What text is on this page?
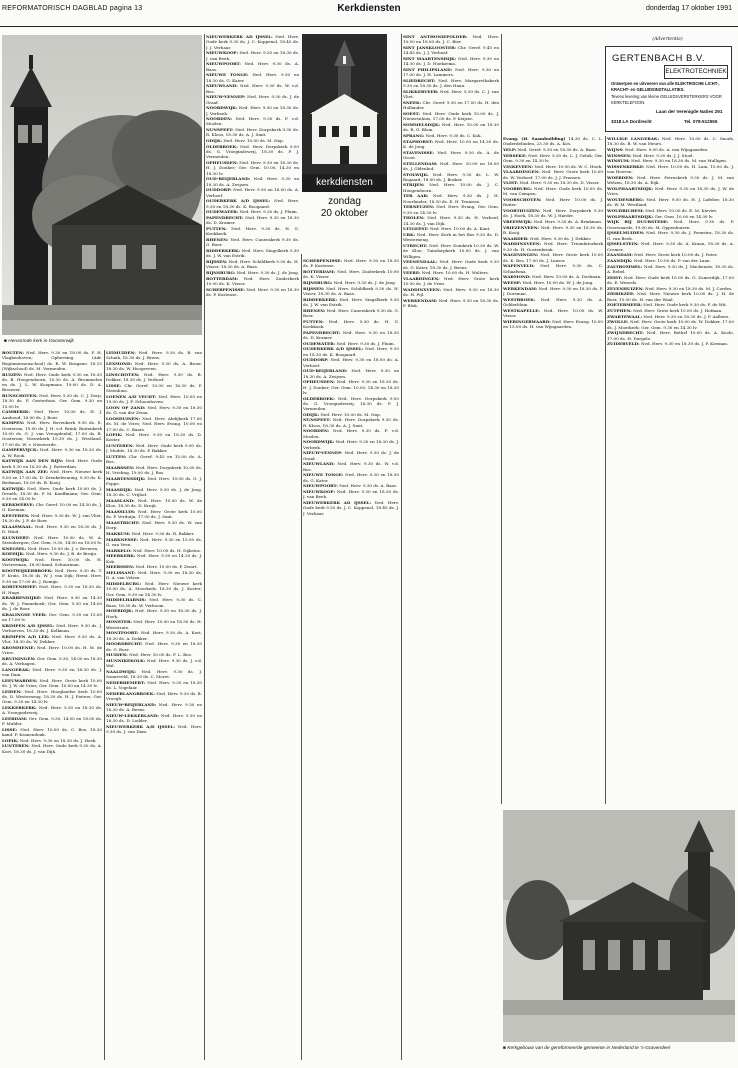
REFORMATORISCH DAGBLAD pagina 13	Kerkdiensten	donderdag 17 oktober 1991
■ Hervormde kerk in Ooosterwijk
kerkdiensten
zondag
20 oktober
(Advertentie)
GERTENBACH B.V.
ELEKTROTECHNIEK
Ontwerpen en uitvoeren van alle ELEKTRISCHE LICHT-,
KRACHT- en GELUIDSINSTALLATIES.
Tevens levering van kleine GELUIDSVERSTERKERS VOOR
KERKTELEFOON.
Laan der Verenigde Naties 291
3318 LA Dordrecht	Tel. 078-512555

BOUTEN: Ned. Herv. 9.30 en 18.00 ds. F. H. Vlagkenhoven; Opheesing (Adr. Beginmensenschool) ds. R. W. Bosgane. 18.15 (Wijkschool) ds. M. Vermeulen.

BUIZEN: Ned. Herv. Oude kerk 9.30 en 18.30 ds. B. Hoogendoorn, 10.30 ds. A. Brommelen en ds. J. L. W. Koopmans, 19.00 ds. D. A. Brouwer.

BUNSCHOTEN: Ned. Herv. 9.30 ds. C. J. Dorp, 18.30 ds. F. Oosterhuis. Ger. Gem. 9.30 en 15.00 lv.

CAMBERIK: Ned. Herv. 10.00 ds. H. J. Aanhoud, 18.00 ds. J. Bout.

KAMPEN: Ned. Herv. Bovenkerk 9.00 ds. E. Oosterom, 19.00 ds. J. H. v.d. Brink; Buitenkerk 10.00 ds. G. J. van Vreugdenhil, 17.00 ds. B. Oosterom; Nieuwkerk 19.30 ds. J. Westland, 17.00 ds. W. v. Nieuwerde.

GAMPERVIJCK: Ned. Herv. 9.30 en 18.30 ds. A. W. Rook.

KATWIJK AAN DEN RIJN: Ned. Herv. Oude kerk 9.30 en 16.30 ds. J. Rotterdam.

KATWIJK AAN ZEE: Ned. Herv. Nieuwe kerk 9.00 en 17.00 ds. D. Drenkelwoning, 9.30 ds. K. Berkman, 18.00 ds. B. Kooij.

KATWIJK: Ned. Herv. Oude kerk 10.00 ds. J. Drenth, 18.30 ds. P. M. Kauffmann; Ger. Gem. 9.30 en 14.00 lv.

KERKWERVE: Chr. Geref. 10.00 en 14.30 ds. J. G. Koeman.

KESTEREN: Ned. Herv. 9.30 ds. W. J. van Vliet, 18.30 ds. J. P. de Boer.

KLAASWAAL: Ned. Herv. 9.30 en 18.30 ds. J. D. Wind.

KLUNDERT: Ned. Herv. 10.00 ds. W. A. Steenbergen; Ger. Gem. 9.30, 14.00 en 18.00 lv.

KNEGSEL: Ned. Herv. 10.00 ds. J. v. Beveren.

KOEDIJK: Ned. Herv. 9.30 ds. J. B. de Bruijn.

KOOTWIJK: Ned. Herv. 10.00 ds. H. Vertreeman, 18.00 kand. Schuurman.

KOOTWIJKERBROEK: Ned. Herv. 9.30 ds. T. F. Kruis, 18.30 ds. W. J. van Dijk; Herst. Herv. 9.30 en 17.00 ds. J. Romijn.

KORTENHOEF: Ned. Herv. 9.30 en 18.30 ds. H. Hage.

KRABBENDIJKE: Ned. Herv. 9.30 en 14.30 ds. W. J. Pannekoek; Ger. Gem. 9.30 en 14.00 ds. J. de Boer.

KRALINGSE VEER: Ger. Gem. 9.30 en 15.00 en 17.00 lv.

KRIMPEN A/D IJSSEL: Ned. Herv. 9.30 ds. J. Verhoeven, 18.30 ds. J. Kolkman.

KRIMPEN A/D LEK: Ned. Herv. 9.30 ds. A. Vlot, 18.30 ds. W. Dekker.

KROMMENIE: Ned. Herv. 10.00 ds. H. M. de Vries.

KRUININGEN: Ger. Gem. 9.30, 14.00 en 18.30 ds. A. Verhagen.

LANGERAK: Ned. Herv. 9.30 en 18.30 ds. J. van Dam.

LEEUWARDEN: Ned. Herv. Grote kerk 10.00 ds. J. W. de Vries; Ger. Gem. 10.00 en 14.30 lv.

LEIDEN: Ned. Herv. Hooglandse kerk 10.00 ds. D. Westerneng, 18.30 ds. H. J. Pieters; Ger. Gem. 9.30 en 14.30 lv.

LEKKERKERK: Ned. Herv. 9.30 en 18.30 ds. A. Vroegindeweij.

LEERDAM: Ger. Gem. 9.30, 14.00 en 18.00 ds. P. Mulder.

LISSE: Ned. Herv. 10.00 ds. C. Bos, 18.30 kand. P. Kranendonk.

LOPIK: Ned. Herv. 9.30 en 18.30 ds. J. Hoek.

LUNTEREN: Ned. Herv. Oude kerk 9.30 ds. A. Kort, 18.30 ds. J. van Dijk.

LEIMUIDEN: Ned. Herv. 9.30 ds. B. van Schaik, 18.30 ds. J. Brons.

LEXMOND: Ned. Herv. 9.30 ds. A. Broer, 18.30 ds. W. Hoogeveen.

LINSCHOTEN: Ned. Herv. 9.30 ds. B. Dekker, 18.30 ds. J. Verhoef.

LISSE: Chr. Geref. 10.00 en 16.30 ds. P. Steenhuis.

LOENEN A/D VECHT: Ned. Herv. 10.00 en 19.00 ds. J. F. Schoonhoven.

LOON OP ZAND: Ned. Herv. 9.30 en 18.30 ds. G. van der Zwan.

LOOSDUINEN: Ned. Herv. Abdijkerk 17.00 ds. M. de Vries; Ned. Herv. Evang. 10.00 en 17.00 ds. C. Baars.

LOPIK: Ned. Herv. 9.30 en 18.30 ds. D. Koster.

LUNTEREN: Ned. Herv. Oude kerk 9.00 ds. J. Mudde, 18.30 ds. P. Bakker.

LUTTEN: Chr. Geref. 9.45 en 15.00 ds. A. Bos.

MAARSSEN: Ned. Herv. Dorpskerk 10.00 ds. H. Vrieling, 19.00 ds. J. Bos.

MAARTENSDIJK: Ned. Herv. 10.00 ds. G. J. Poppe.

MAASDIJK: Ned. Herv. 9.30 ds. J. de Jong, 18.30 ds. C. Vrijhof.

MAASLAND: Ned. Herv. 10.00 ds. W. de Kloe, 18.30 ds. D. Kruijt.

MAASSLUIS: Ned. Herv. Grote kerk 10.00 ds. P. Verduijn, 17.00 ds. J. Smit.

MAASTRICHT: Ned. Herv. 9.30 ds. W. van Dorp.

MAKKUM: Ned. Herv. 9.30 ds. R. Bakker.

MARKNESSE: Ned. Herv. 9.30 en 15.00 ds. G. van Veen.

MARKELO: Ned. Herv. 10.00 ds. H. Dijkstra.

MEERKERK: Ned. Herv. 9.30 en 14.30 ds. J. Kok.

MEERSSEN: Ned. Herv. 10.00 ds. P. Zwart.

MELISSANT: Ned. Herv. 9.30 en 18.30 ds. D. A. van Velzen.

MIDDELBURG: Ned. Herv. Nieuwe kerk 10.00 ds. A. Moerkerk, 18.30 ds. J. Koster; Ger. Gem. 9.30 en 14.30 lv.

MIDDELHARNIS: Ned. Herv. 9.30 ds. C. Baas, 18.30 ds. W. Verboom.

MOERDIJK: Ned. Herv. 9.30 en 18.30 ds. J. Hoek.

MONSTER: Ned. Herv. 10.00 en 18.30 ds. H. Weststrate.

MONTFOORT: Ned. Herv. 9.30 ds. A. Kort, 18.30 ds. A. Dekker.

MOORDRECHT: Ned. Herv. 9.30 en 18.30 ds. G. Boer.

MUIDEN: Ned. Herv. 10.00 ds. F. L. Bos.

MUNNIKEKOLK: Ned. Herv. 9.30 ds. J. v.d. Wal.

NAALDWIJK: Ned. Herv. 9.30 ds. J. Sonneveld, 18.30 ds. C. Moret.

NEDERHEMERT: Ned. Herv. 9.30 en 18.30 ds. L. Vogelaar.

NEDERLANGBROEK: Ned. Herv. 9.30 ds. B. Vroegh.

NIEUW-BEIJERLAND: Ned. Herv. 9.30 en 18.30 ds. A. Beens.

NIEUW-LEKKERLAND: Ned. Herv. 9.30 en 18.30 ds. D. Lodder.

NIEUWERKERK A/D IJSSEL: Ned. Herv. 9.30 ds. J. van Dam.

NIEUWERKERK AD IJSSEL: Ned. Herv. Oude kerk 9.30 ds. J. C. Koppenol, 18.45 ds. J. J. Verhaar.

NIEUWKOOP: Ned. Herv. 9.30 en 18.30 ds. J. van Beek.

NIEUWPOORT: Ned. Herv. 9.30 ds. A. Baas.

NIEUWE TONGE: Ned. Herv. 9.30 en 18.30 ds. G. Kater.

NIEUWLAND: Ned. Herv. 9.30 ds. W. v.d. Bos.

NIEUW-VENNEP: Ned. Herv. 9.30 ds. J. de Graaf.

NOORDWIJK: Ned. Herv. 9.30 en 18.30 ds. J. Verbeek.

NOORDEN: Ned. Herv. 9.30 ds. F. v.d. Moolen.

NUNSPEET: Ned. Herv. Dorpskerk 9.30 ds. R. Kloos, 18.30 ds. A. J. Smit.

ODIJK: Ned. Herv. 10.00 ds. M. Nap.

OLDEBROEK: Ned. Herv. Dorpskerk 9.00 ds. G. Vroegindeweij, 18.30 ds. P. J. Vermeulen.

OPHEUSDEN: Ned. Herv. 9.30 en 18.30 ds. H. J. Donker; Ger. Gem. 10.00, 14.30 en 18.30 lv.

OUD-BEIJERLAND: Ned. Herv. 9.30 en 18.30 ds. A. Zwijsen.

OUDDORP: Ned. Herv. 9.30 en 18.00 ds. A. Verhoef.

OUDERKERK A/D IJSSEL: Ned. Herv. 9.30 en 18.30 ds. K. Boogaard.

OUDEWATER: Ned. Herv. 9.30 ds. J. Pluim.

PAPENDRECHT: Ned. Herv. 9.30 en 18.30 ds. D. Kramer.

PUTTEN: Ned. Herv. 9.30 ds. H. G. Koekkoek.

RHENEN: Ned. Herv. Cunerakerk 9.30 ds. G. Boer.

RIDDERKERK: Ned. Herv. Singelkerk 9.30 ds. J. W. van Estrik.

RIJSSEN: Ned. Herv. Schildkerk 9.30 ds. H. Visser, 18.30 ds. A. Baas.

RIJNSBURG: Ned. Herv. 9.30 ds. J. de Jong.

ROTTERDAM: Ned. Herv. Zuiderkerk 10.00 ds. K. Visser.

SCHERPENISSE: Ned. Herv. 9.30 en 18.30 ds. P. Kostense.

SCHERPENISSE: Ned. Herv. 9.30 en 18.30 ds. P. Kostense.

ROTTERDAM: Ned. Herv. Zuiderkerk 10.00 ds. K. Visser.

RIJNSBURG: Ned. Herv. 9.30 ds. J. de Jong.

RIJSSEN: Ned. Herv. Schildkerk 9.30 ds. H. Visser, 18.30 ds. A. Baas.

RIDDERKERK: Ned. Herv. Singelkerk 9.30 ds. J. W. van Estrik.

RHENEN: Ned. Herv. Cunerakerk 9.30 ds. G. Boer.

PUTTEN: Ned. Herv. 9.30 ds. H. G. Koekkoek.

PAPENDRECHT: Ned. Herv. 9.30 en 18.30 ds. D. Kramer.

OUDEWATER: Ned. Herv. 9.30 ds. J. Pluim.

OUDERKERK A/D IJSSEL: Ned. Herv. 9.30 en 18.30 ds. K. Boogaard.

OUDDORP: Ned. Herv. 9.30 en 18.00 ds. A. Verhoef.

OUD-BEIJERLAND: Ned. Herv. 9.30 en 18.30 ds. A. Zwijsen.

OPHEUSDEN: Ned. Herv. 9.30 en 18.30 ds. H. J. Donker; Ger. Gem. 10.00, 14.30 en 18.30 lv.

OLDEBROEK: Ned. Herv. Dorpskerk 9.00 ds. G. Vroegindeweij, 18.30 ds. P. J. Vermeulen.

ODIJK: Ned. Herv. 10.00 ds. M. Nap.

NUNSPEET: Ned. Herv. Dorpskerk 9.30 ds. R. Kloos, 18.30 ds. A. J. Smit.

NOORDEN: Ned. Herv. 9.30 ds. F. v.d. Moolen.

NOORDWIJK: Ned. Herv. 9.30 en 18.30 ds. J. Verbeek.

NIEUW-VENNEP: Ned. Herv. 9.30 ds. J. de Graaf.

NIEUWLAND: Ned. Herv. 9.30 ds. W. v.d. Bos.

NIEUWE TONGE: Ned. Herv. 9.30 en 18.30 ds. G. Kater.

NIEUWPOORT: Ned. Herv. 9.30 ds. A. Baas.

NIEUWKOOP: Ned. Herv. 9.30 en 18.30 ds. J. van Beek.

NIEUWERKERK AD IJSSEL: Ned. Herv. Oude kerk 9.30 ds. J. C. Koppenol, 18.45 ds. J. J. Verhaar.

SINT ANTHONIEPOLDER: Ned. Herv. 10.00 en 18.00 ds. J. C. Bier.

SINT JANSKLOOSTER: Chr. Geref. 9.45 en 14.45 ds. J. J. Verhoef.

SINT MAARTENSDIJK: Ned. Herv. 9.30 en 14.30 ds. J. D. Hoekzema.

SINT PHILIPSLAND: Ned. Herv. 9.30 en 17.00 ds. J. H. Lammers.

SLIEDRECHT: Ned. Herv. Margarethakerk 9.30 en 18.30 ds. J. den Haan.

SLIKKERVEER: Ned. Herv. 9.30 ds. C. J. van Vliet.

SNEEK: Chr. Geref. 9.30 en 17.00 ds. H. den Hollander.

SOEST: Ned. Herv. Oude kerk 10.00 ds. J. Nieuwenhuis, 17.00 ds. P. Keijzer.

SOMMELSDIJK: Ned. Herv. 10.00 en 18.30 ds. R. G. Blom.

SPRANG: Ned. Herv. 9.30 ds. C. Kok.

STAPHORST: Ned. Herv. 10.00 en 14.30 ds. K. de Jong.

STAVENISSE: Ned. Herv. 9.30 ds. A. de Groot.

STELLENDAM: Ned. Herv. 10.00 en 18.00 ds. J. Oldenhof.

STOLWIJK: Ned. Herv. 9.30 ds. L. W. Bogaard, 18.00 ds. J. Bosker.

STRIJEN: Ned. Herv. 10.00 ds. J. C. Hoogendoorn.

TER AAR: Ned. Herv. 9.30 ds. J. H. Noorlander, 18.30 ds. E. H. Teunisse.

TERNEUZEN: Ned. Herv. Evang. Ger. Gem. 9.30 en 14.30 lv.

THOLEN: Ned. Herv. 9.30 ds. H. Verhoef, 14.30 ds. J. van Dijk.

UITGEEST: Ned. Herv. 10.00 ds. A. Kant.

URK: Ned. Herv. Kerk in het Bos 9.30 ds. D. Westerneng.

UTRECHT: Ned. Herv. Domkerk 10.30 ds. W. de Kloe; Tuindorpkerk 10.00 ds. J. van Willigen.

VEENENDAAL: Ned. Herv. Oude kerk 9.30 ds. G. Kater, 18.30 ds. J. Beens.

VEERE: Ned. Herv. 10.00 ds. H. Wolters.

VLAARDINGEN: Ned. Herv. Grote kerk 10.00 ds. J. de Vries.

WADDINXVEEN: Ned. Herv. 9.30 en 18.30 ds. H. Pijl.

WERKENDAM: Ned. Herv. 9.30 en 18.30 ds. P. Blok.

Evang. (H. Saambuilding) 14.30 ds. C. L. Onderdelinden, 23.30 ds. A. Kos.

YELP: Ned. Geref. 9.30 en 18.30 ds. A. Baas.

YERSEKE: Ned. Herv. 9.30 ds. L. J. Geluk; Ger. Gem. 9.30 en 14.30 lv.

VINKEVEEN: Ned. Herv. 10.00 ds. W. C. Hoek.

VLAARDINGEN: Ned. Herv. Grote kerk 10.00 ds. W. Verhoef, 17.00 ds. J. J. Fransen.

VLIST: Ned. Herv. 9.30 en 18.30 ds. D. Visser.

VOORBURG: Ned. Herv. Oude kerk 10.00 ds. M. van Campen.

VOORSCHOTEN: Ned. Herv. 10.00 ds. J. Ruiter.

VOORTHUIZEN: Ned. Herv. Dorpskerk 9.30 ds. J. Hoek, 18.30 ds. W. J. Harder.

VREESWIJK: Ned. Herv. 9.30 ds. A. Brinkman.

VRIEZENVEEN: Ned. Herv. 9.30 en 18.30 ds. B. Kooij.

WAARDER: Ned. Herv. 9.30 ds. J. Dekker.

WADDINXVEEN: Ned. Herv. Triumfatorkerk 9.30 ds. H. Oostenbrink.

WAGENINGEN: Ned. Herv. Grote kerk 10.00 ds. K. Bos, 17.00 ds. J. Lanser.

WAPENVELD: Ned. Herv. 9.30 ds. C. Schaafsma.

WARMOND: Ned. Herv. 10.00 ds. A. Doelman.

WEESP: Ned. Herv. 10.00 ds. W. J. de Jong.

WERKENDAM: Ned. Herv. 9.30 en 18.30 ds. P. J. Dorsman.

WESTBROEK: Ned. Herv. 9.30 ds. A. Gelderblom.

WESTKAPELLE: Ned. Herv. 10.00 ds. W. Visser.

WIERINGERWAARD: Ned. Herv. Evang. 10.00 en 15.00 ds. H. van Wijngaarden.

WILLIGE LANGERAK: Ned. Herv. 10.00 ds. C. Snoek, 18.30 ds. B. W. van Meurs.

WIJNS: Ned. Herv. 9.00 ds. A. van Wijngaarden.

WINSSEN: Ned. Herv. 9.30 ds. J. J. Stoel.

WINSUM: Ned. Herv. 9.30 en 18.30 ds. M. van Mulligen.

WISSENKERKE: Ned. Herv. 10.00 ds. H. Lam, 15.00 ds. J. van Hoeven.

WOERDEN: Ned. Herv. Petruskerk 9.30 ds. J. M. van Welzen, 18.30 ds. A. Eijk.

WOLPHAARTSDIJK: Ned. Herv. 9.30 en 18.30 ds. J. W. de Vries.

WOUDENBERG: Ned. Herv. 9.00 ds. H. J. Lafeber, 18.30 ds. W. M. Westland.

WOUDRICHEM: Ned. Herv. 10.00 ds. E. M. Kieviet.

WOLPHAARTSDIJK: Ger. Gem. 10.00 en 14.30 lv.

WIJK BIJ DUURSTEDE: Ned. Herv. 9.30 ds. P. Ossewaarde, 19.00 ds. M. Oppenhuizen.

IJSSELMUIDEN: Ned. Herv. 9.30 ds. J. Feenstra, 18.30 ds. G. van Beek.

IJSSELSTEIN: Ned. Herv. 9.30 ds. A. Kraan, 18.30 ds. A. Cremer.

ZAANDAM: Ned. Herv. Grote kerk 10.00 ds. J. Pater.

ZAANDIJK: Ned. Herv. 10.00 ds. P. van der Laan.

ZALTBOMMEL: Ned. Herv. 9.30 ds. J. Mackenzie, 18.30 ds. A. Rebel.

ZEIST: Ned. Herv. Oude kerk 10.00 ds. G. Zomerdijk, 17.00 ds. E. Wessels.

ZEVENHUIZEN: Ned. Herv. 9.30 en 18.30 ds. M. J. Cordes.

ZIERIKZEE: Ned. Herv. Nieuwe kerk 10.00 ds. J. H. de Boer, 15.00 ds. H. van der Waal.

ZOETERMEER: Ned. Herv. Oude kerk 9.30 ds. F. de Wit.

ZUTPHEN: Ned. Herv. Grote kerk 10.00 ds. J. Hofman.

ZWARTEWAAL: Ned. Herv. 9.30 en 18.30 ds. J. P. Aalbers.

ZWOLLE: Ned. Herv. Grote kerk 10.00 ds. W. Dekker, 17.00 ds. J. Moerkerk; Ger. Gem. 9.30 en 14.30 lv.

ZWIJNDRECHT: Ned. Herv. Bethel 10.00 ds. A. Koole, 17.00 ds. H. Dorgelo.

ZUIDERVELD: Ned. Herv. 9.30 en 18.30 ds. J. P. Koeman.

■ Kerkgebouw van de gereformeerde gemeente in Nederland te 's-Gravendeel
